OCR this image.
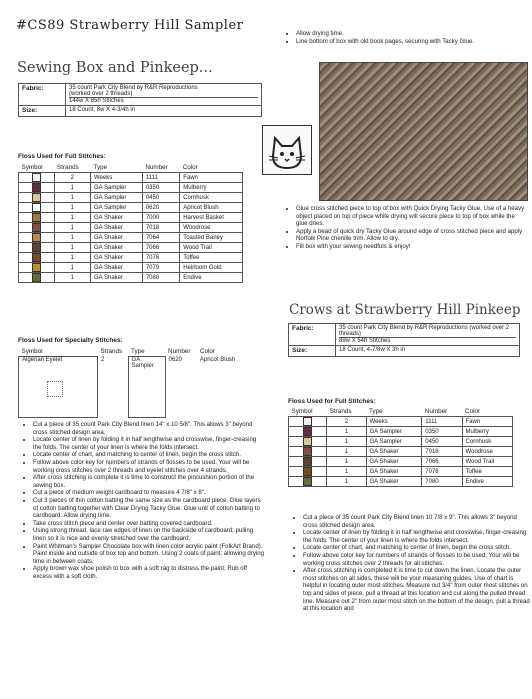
#CS89 Strawberry Hill Sampler
Sewing Box and Pinkeep...
Fabric:	35 count Park City Blend by R&R Reproductions
(worked over 2 threads)
144w X 85h Stitches

Size:	18 Count, 8w X 4-3/4h in
Floss Used for Full Stitches:
Symbol	Strands	Type	Number	Color
	2	Weeks	1111	Fawn
	1	GA Sampler	0350	Mulberry
	1	GA Sampler	0450	Cornhusk
	1	GA Sampler	0620	Apricot Blush
	1	GA Shaker	7000	Harvest Basket
	1	GA Shaker	7018	Woodrose
	1	GA Shaker	7064	Toasted Barley
	1	GA Shaker	7066	Wood Trail
	1	GA Shaker	7078	Toffee
	1	GA Shaker	7079	Heirloom Gold
	1	GA Shaker	7080	Endive
Floss Used for Specialty Stitches:
Symbol	Strands	Type	Number	Color
Algerian Eyelet	2	GA Sampler	0620	Apricot Blush
• Cut a piece of 35 count Park City Blend linen 14" x 10 5/8". This allows 3" beyond cross stitched design area.
• Locate center of linen by folding it in half lengthwise and crosswise, finger-creasing the folds. The center of your linen is where the folds intersect.
• Locate center of chart, and matching to center of linen, begin the cross stitch.
• Follow above color key for numbers of strands of flosses to be used. Your will be working cross stitches over 2 threads and eyelet stitches over 4 strands.
• After cross stitching is complete it is time to construct the pincushion portion of the sewing box.
• Cut a piece of medium weight cardboard to measure 4 7/8" x 8".
• Cut 3 pieces of thin cotton batting the same size as the cardboard piece. Glue layers of cotton batting together with Clear Drying Tacky Glue. Glue unit of cotton batting to cardboard. Allow drying time.
• Take cross stitch piece and center over batting covered cardboard.
• Using strong thread, lace raw edges of linen on the backside of cardboard; pulling linen so it is nice and evenly stretched over the cardboard.
• Paint Whitman's Sampler Chocolate box with linen color acrylic paint (FolkArt Brand). Paint inside and outside of box top and bottom. Using 2 coats of paint; allowing drying time in between coats.
• Apply brown wax shoe polish to box with a soft rag to distress the paint. Rub off excess with a soft cloth.
• Allow drying time.
• Line bottom of box with old book pages, securing with Tacky Glue.
• Glue cross stitched piece to top of box with Quick Drying Tacky Glue. Use of a heavy object placed on top of piece while drying will secure piece to top of box while the glue dries.
• Apply a bead of quick dry Tacky Glue around edge of cross stitched piece and apply Norfolk Pine chenille trim. Allow to dry.
• Fill box with your sewing needfuls & enjoy!
Crows at Strawberry Hill Pinkeep
Fabric:	35 count Park City Blend by R&R Reproductions (worked over 2 threads)
89w X 54h Stitches

Size:	18 Count, 4-7/8w X 3h in
Floss Used for Full Stitches:
Symbol	Strands	Type	Number	Color
	2	Weeks	1111	Fawn
	1	GA Sampler	0350	Mulberry
	1	GA Sampler	0450	Cornhusk
	1	GA Shaker	7018	Woodrose
	1	GA Shaker	7066	Wood Trail
	1	GA Shaker	7078	Toffee
	1	GA Shaker	7080	Endive
• Cut a piece of 35 count Park City Blend linen 10 7/8 x 9". This allows 3" beyond cross stitched design area.
• Locate center of linen by folding it in half lengthwise and crosswise, finger-creasing the folds. The center of your linen is where the folds intersect.
• Locate center of chart, and matching to center of linen, begin the cross stitch.
• Follow above color key for numbers of strands of flosses to be used. Your will be working cross stitches over 2 threads for all stitches.
• After cross stitching is completed it is time to cut down the linen. Locate the outer most stitches on all sides, these will be your measuring guides. Use of chart is helpful in locating outer most stitches. Measure out 3/4" from outer most stitches on top and sides of piece, pull a thread at this location and cut along the pulled thread line. Measure out 2" from outer most stitch on the bottom of the design, pull a thread at this location and
